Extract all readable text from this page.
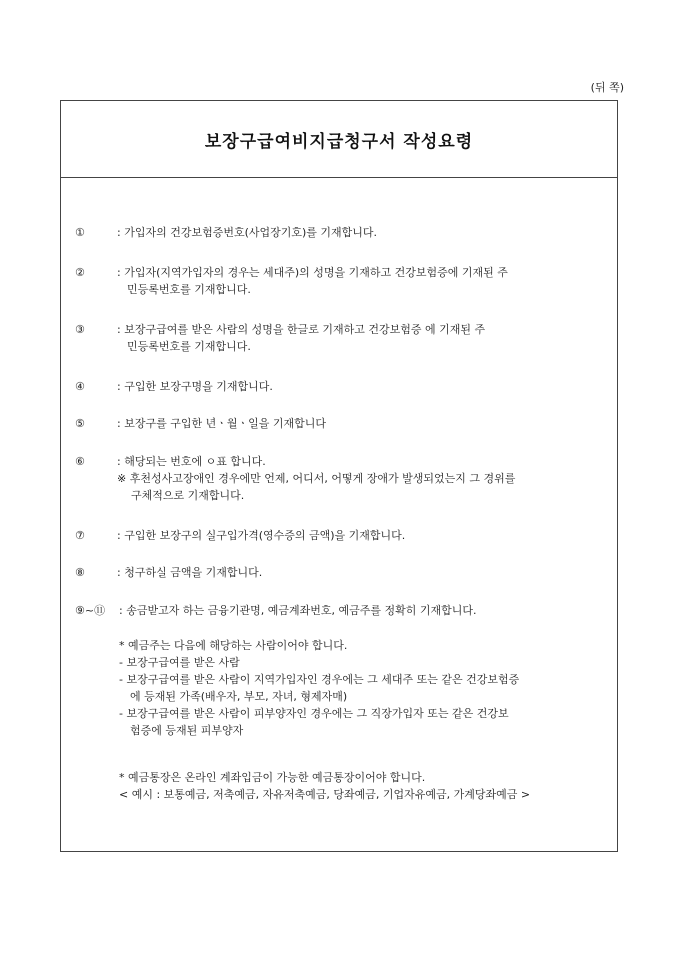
(뒤 쪽)
보장구급여비지급청구서 작성요령
①	: 가입자의 건강보험증번호(사업장기호)를 기재합니다.
②	: 가입자(지역가입자의 경우는 세대주)의 성명을 기재하고 건강보험증에 기재된 주
민등록번호를 기재합니다.
③	: 보장구급여를 받은 사람의 성명을 한글로 기재하고 건강보험증 에 기재된 주
민등록번호를 기재합니다.
④	: 구입한 보장구명을 기재합니다.
⑤	: 보장구를 구입한 년ㆍ월ㆍ일을 기재합니다
⑥	: 해당되는 번호에 ㅇ표 합니다.
※ 후천성사고장애인 경우에만 언제, 어디서, 어떻게 장애가 발생되었는지 그 경위를
구체적으로 기재합니다.
⑦	: 구입한 보장구의 실구입가격(영수증의 금액)을 기재합니다.
⑧	: 청구하실 금액을 기재합니다.
⑨~⑪	: 송금받고자 하는 금융기관명, 예금계좌번호, 예금주를 정확히 기재합니다.
* 예금주는 다음에 해당하는 사람이어야 합니다.
- 보장구급여를 받은 사람
- 보장구급여를 받은 사람이 지역가입자인 경우에는 그 세대주 또는 같은 건강보험증
에 등재된 가족(배우자, 부모, 자녀, 형제자매)
- 보장구급여를 받은 사람이 피부양자인 경우에는 그 직장가입자 또는 같은 건강보
험증에 등재된 피부양자
* 예금통장은 온라인 계좌입금이 가능한 예금통장이어야 합니다.
< 예시 : 보통예금, 저축예금, 자유저축예금, 당좌예금, 기업자유예금, 가계당좌예금 >
